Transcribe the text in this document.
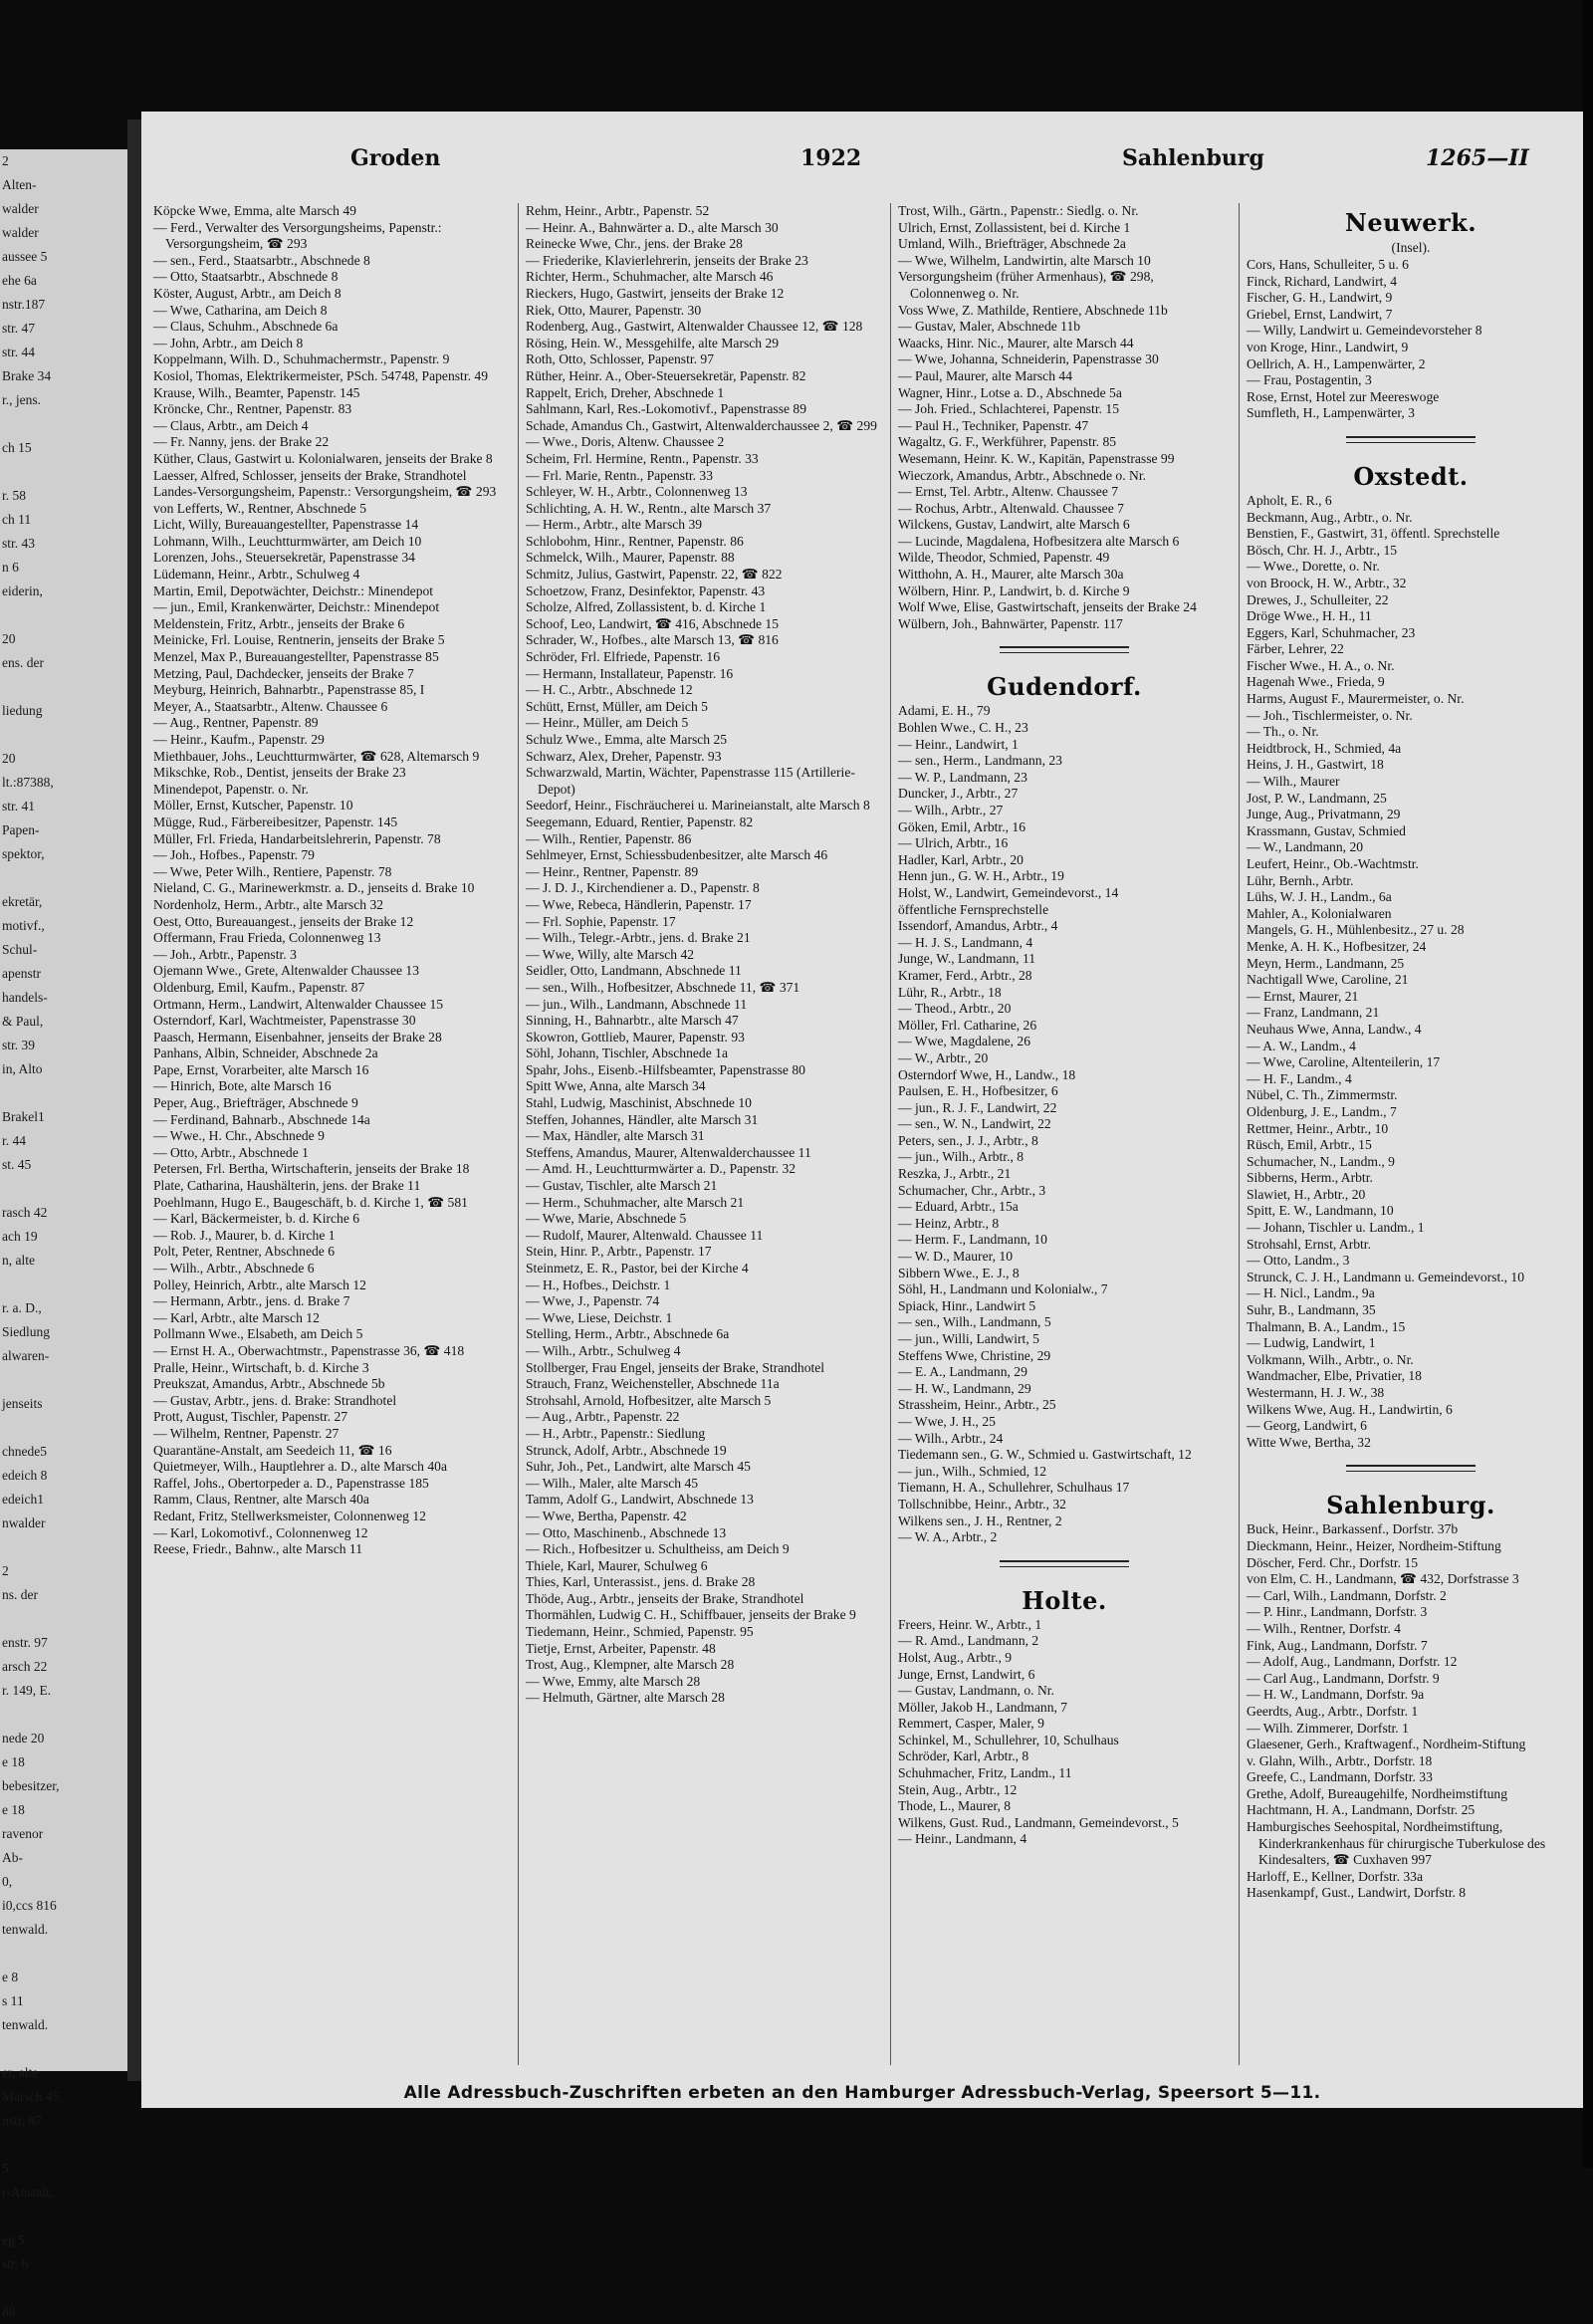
2
Alten-
walder
walder
aussee 5
ehe 6a
nstr.187
str. 47
str. 44
Brake 34
r., jens.

ch 15

r. 58
ch 11
str. 43
n 6
eiderin,

20
ens. der

liedung

20
lt.:87388,
str. 41
Papen-
spektor,

ekretär,
motivf.,
Schul-
apenstr
handels-
& Paul,
str. 39
in, Alto

Brakel1
r. 44
st. 45

rasch 42
ach 19
n, alte

r. a. D.,
Siedlung
alwaren-

jenseits

chnede5
edeich 8
edeich1
nwalder

2
ns. der

enstr. 97
arsch 22
r. 149, E.

nede 20
e 18
bebesitzer,
e 18
ravenor
Ab-
0,
i0,ccs 816
tenwald.

e 8
s 11
tenwald.

er, alte
Marsch 45
nstr. 87

5
r-Anstalt,

eg 5
str. 6

88
Groden	1922	Sahlenburg	1265—II
Köpcke Wwe, Emma, alte Marsch 49
— Ferd., Verwalter des Versorgungsheims, Papenstr.: Versorgungsheim, ☎ 293
— sen., Ferd., Staatsarbtr., Abschnede 8
— Otto, Staatsarbtr., Abschnede 8
Köster, August, Arbtr., am Deich 8
— Wwe, Catharina, am Deich 8
— Claus, Schuhm., Abschnede 6a
— John, Arbtr., am Deich 8
Koppelmann, Wilh. D., Schuhmachermstr., Papenstr. 9
Kosiol, Thomas, Elektrikermeister, PSch. 54748, Papenstr. 49
Krause, Wilh., Beamter, Papenstr. 145
Kröncke, Chr., Rentner, Papenstr. 83
— Claus, Arbtr., am Deich 4
— Fr. Nanny, jens. der Brake 22
Küther, Claus, Gastwirt u. Kolonialwaren, jenseits der Brake 8
Laesser, Alfred, Schlosser, jenseits der Brake, Strandhotel
Landes-Versorgungsheim, Papenstr.: Versorgungsheim, ☎ 293
von Lefferts, W., Rentner, Abschnede 5
Licht, Willy, Bureauangestellter, Papenstrasse 14
Lohmann, Wilh., Leuchtturmwärter, am Deich 10
Lorenzen, Johs., Steuersekretär, Papenstrasse 34
Lüdemann, Heinr., Arbtr., Schulweg 4
Martin, Emil, Depotwächter, Deichstr.: Minendepot
— jun., Emil, Krankenwärter, Deichstr.: Minendepot
Meldenstein, Fritz, Arbtr., jenseits der Brake 6
Meinicke, Frl. Louise, Rentnerin, jenseits der Brake 5
Menzel, Max P., Bureauangestellter, Papenstrasse 85
Metzing, Paul, Dachdecker, jenseits der Brake 7
Meyburg, Heinrich, Bahnarbtr., Papenstrasse 85, I
Meyer, A., Staatsarbtr., Altenw. Chaussee 6
— Aug., Rentner, Papenstr. 89
— Heinr., Kaufm., Papenstr. 29
Miethbauer, Johs., Leuchtturmwärter, ☎ 628, Altemarsch 9
Mikschke, Rob., Dentist, jenseits der Brake 23
Minendepot, Papenstr. o. Nr.
Möller, Ernst, Kutscher, Papenstr. 10
Mügge, Rud., Färbereibesitzer, Papenstr. 145
Müller, Frl. Frieda, Handarbeitslehrerin, Papenstr. 78
— Joh., Hofbes., Papenstr. 79
— Wwe, Peter Wilh., Rentiere, Papenstr. 78
Nieland, C. G., Marinewerkmstr. a. D., jenseits d. Brake 10
Nordenholz, Herm., Arbtr., alte Marsch 32
Oest, Otto, Bureauangest., jenseits der Brake 12
Offermann, Frau Frieda, Colonnenweg 13
— Joh., Arbtr., Papenstr. 3
Ojemann Wwe., Grete, Altenwalder Chaussee 13
Oldenburg, Emil, Kaufm., Papenstr. 87
Ortmann, Herm., Landwirt, Altenwalder Chaussee 15
Osterndorf, Karl, Wachtmeister, Papenstrasse 30
Paasch, Hermann, Eisenbahner, jenseits der Brake 28
Panhans, Albin, Schneider, Abschnede 2a
Pape, Ernst, Vorarbeiter, alte Marsch 16
— Hinrich, Bote, alte Marsch 16
Peper, Aug., Briefträger, Abschnede 9
— Ferdinand, Bahnarb., Abschnede 14a
— Wwe., H. Chr., Abschnede 9
— Otto, Arbtr., Abschnede 1
Petersen, Frl. Bertha, Wirtschafterin, jenseits der Brake 18
Plate, Catharina, Haushälterin, jens. der Brake 11
Poehlmann, Hugo E., Baugeschäft, b. d. Kirche 1, ☎ 581
— Karl, Bäckermeister, b. d. Kirche 6
— Rob. J., Maurer, b. d. Kirche 1
Polt, Peter, Rentner, Abschnede 6
— Wilh., Arbtr., Abschnede 6
Polley, Heinrich, Arbtr., alte Marsch 12
— Hermann, Arbtr., jens. d. Brake 7
— Karl, Arbtr., alte Marsch 12
Pollmann Wwe., Elsabeth, am Deich 5
— Ernst H. A., Oberwachtmstr., Papenstrasse 36, ☎ 418
Pralle, Heinr., Wirtschaft, b. d. Kirche 3
Preukszat, Amandus, Arbtr., Abschnede 5b
— Gustav, Arbtr., jens. d. Brake: Strandhotel
Prott, August, Tischler, Papenstr. 27
— Wilhelm, Rentner, Papenstr. 27
Quarantäne-Anstalt, am Seedeich 11, ☎ 16
Quietmeyer, Wilh., Hauptlehrer a. D., alte Marsch 40a
Raffel, Johs., Obertorpeder a. D., Papenstrasse 185
Ramm, Claus, Rentner, alte Marsch 40a
Redant, Fritz, Stellwerksmeister, Colonnenweg 12
— Karl, Lokomotivf., Colonnenweg 12
Reese, Friedr., Bahnw., alte Marsch 11
Rehm, Heinr., Arbtr., Papenstr. 52
— Heinr. A., Bahnwärter a. D., alte Marsch 30
Reinecke Wwe, Chr., jens. der Brake 28
— Friederike, Klavierlehrerin, jenseits der Brake 23
Richter, Herm., Schuhmacher, alte Marsch 46
Rieckers, Hugo, Gastwirt, jenseits der Brake 12
Riek, Otto, Maurer, Papenstr. 30
Rodenberg, Aug., Gastwirt, Altenwalder Chaussee 12, ☎ 128
Rösing, Hein. W., Messgehilfe, alte Marsch 29
Roth, Otto, Schlosser, Papenstr. 97
Rüther, Heinr. A., Ober-Steuersekretär, Papenstr. 82
Rappelt, Erich, Dreher, Abschnede 1
Sahlmann, Karl, Res.-Lokomotivf., Papenstrasse 89
Schade, Amandus Ch., Gastwirt, Altenwalderchaussee 2, ☎ 299
— Wwe., Doris, Altenw. Chaussee 2
Scheim, Frl. Hermine, Rentn., Papenstr. 33
— Frl. Marie, Rentn., Papenstr. 33
Schleyer, W. H., Arbtr., Colonnenweg 13
Schlichting, A. H. W., Rentn., alte Marsch 37
— Herm., Arbtr., alte Marsch 39
Schlobohm, Hinr., Rentner, Papenstr. 86
Schmelck, Wilh., Maurer, Papenstr. 88
Schmitz, Julius, Gastwirt, Papenstr. 22, ☎ 822
Schoetzow, Franz, Desinfektor, Papenstr. 43
Scholze, Alfred, Zollassistent, b. d. Kirche 1
Schoof, Leo, Landwirt, ☎ 416, Abschnede 15
Schrader, W., Hofbes., alte Marsch 13, ☎ 816
Schröder, Frl. Elfriede, Papenstr. 16
— Hermann, Installateur, Papenstr. 16
— H. C., Arbtr., Abschnede 12
Schütt, Ernst, Müller, am Deich 5
— Heinr., Müller, am Deich 5
Schulz Wwe., Emma, alte Marsch 25
Schwarz, Alex, Dreher, Papenstr. 93
Schwarzwald, Martin, Wächter, Papenstrasse 115 (Artillerie-Depot)
Seedorf, Heinr., Fischräucherei u. Marineianstalt, alte Marsch 8
Seegemann, Eduard, Rentier, Papenstr. 82
— Wilh., Rentier, Papenstr. 86
Sehlmeyer, Ernst, Schiessbudenbesitzer, alte Marsch 46
— Heinr., Rentner, Papenstr. 89
— J. D. J., Kirchendiener a. D., Papenstr. 8
— Wwe, Rebeca, Händlerin, Papenstr. 17
— Frl. Sophie, Papenstr. 17
— Wilh., Telegr.-Arbtr., jens. d. Brake 21
— Wwe, Willy, alte Marsch 42
Seidler, Otto, Landmann, Abschnede 11
— sen., Wilh., Hofbesitzer, Abschnede 11, ☎ 371
— jun., Wilh., Landmann, Abschnede 11
Sinning, H., Bahnarbtr., alte Marsch 47
Skowron, Gottlieb, Maurer, Papenstr. 93
Söhl, Johann, Tischler, Abschnede 1a
Spahr, Johs., Eisenb.-Hilfsbeamter, Papenstrasse 80
Spitt Wwe, Anna, alte Marsch 34
Stahl, Ludwig, Maschinist, Abschnede 10
Steffen, Johannes, Händler, alte Marsch 31
— Max, Händler, alte Marsch 31
Steffens, Amandus, Maurer, Altenwalderchaussee 11
— Amd. H., Leuchtturmwärter a. D., Papenstr. 32
— Gustav, Tischler, alte Marsch 21
— Herm., Schuhmacher, alte Marsch 21
— Wwe, Marie, Abschnede 5
— Rudolf, Maurer, Altenwald. Chaussee 11
Stein, Hinr. P., Arbtr., Papenstr. 17
Steinmetz, E. R., Pastor, bei der Kirche 4
— H., Hofbes., Deichstr. 1
— Wwe, J., Papenstr. 74
— Wwe, Liese, Deichstr. 1
Stelling, Herm., Arbtr., Abschnede 6a
— Wilh., Arbtr., Schulweg 4
Stollberger, Frau Engel, jenseits der Brake, Strandhotel
Strauch, Franz, Weichensteller, Abschnede 11a
Strohsahl, Arnold, Hofbesitzer, alte Marsch 5
— Aug., Arbtr., Papenstr. 22
— H., Arbtr., Papenstr.: Siedlung
Strunck, Adolf, Arbtr., Abschnede 19
Suhr, Joh., Pet., Landwirt, alte Marsch 45
— Wilh., Maler, alte Marsch 45
Tamm, Adolf G., Landwirt, Abschnede 13
— Wwe, Bertha, Papenstr. 42
— Otto, Maschinenb., Abschnede 13
— Rich., Hofbesitzer u. Schultheiss, am Deich 9
Thiele, Karl, Maurer, Schulweg 6
Thies, Karl, Unterassist., jens. d. Brake 28
Thöde, Aug., Arbtr., jenseits der Brake, Strandhotel
Thormählen, Ludwig C. H., Schiffbauer, jenseits der Brake 9
Tiedemann, Heinr., Schmied, Papenstr. 95
Tietje, Ernst, Arbeiter, Papenstr. 48
Trost, Aug., Klempner, alte Marsch 28
— Wwe, Emmy, alte Marsch 28
— Helmuth, Gärtner, alte Marsch 28
Trost, Wilh., Gärtn., Papenstr.: Siedlg. o. Nr.
Ulrich, Ernst, Zollassistent, bei d. Kirche 1
Umland, Wilh., Briefträger, Abschnede 2a
— Wwe, Wilhelm, Landwirtin, alte Marsch 10
Versorgungsheim (früher Armenhaus), ☎ 298, Colonnenweg o. Nr.
Voss Wwe, Z. Mathilde, Rentiere, Abschnede 11b
— Gustav, Maler, Abschnede 11b
Waacks, Hinr. Nic., Maurer, alte Marsch 44
— Wwe, Johanna, Schneiderin, Papenstrasse 30
— Paul, Maurer, alte Marsch 44
Wagner, Hinr., Lotse a. D., Abschnede 5a
— Joh. Fried., Schlachterei, Papenstr. 15
— Paul H., Techniker, Papenstr. 47
Wagaltz, G. F., Werkführer, Papenstr. 85
Wesemann, Heinr. K. W., Kapitän, Papenstrasse 99
Wieczork, Amandus, Arbtr., Abschnede o. Nr.
— Ernst, Tel. Arbtr., Altenw. Chaussee 7
— Rochus, Arbtr., Altenwald. Chaussee 7
Wilckens, Gustav, Landwirt, alte Marsch 6
— Lucinde, Magdalena, Hofbesitzera alte Marsch 6
Wilde, Theodor, Schmied, Papenstr. 49
Witthohn, A. H., Maurer, alte Marsch 30a
Wölbern, Hinr. P., Landwirt, b. d. Kirche 9
Wolf Wwe, Elise, Gastwirtschaft, jenseits der Brake 24
Wülbern, Joh., Bahnwärter, Papenstr. 117
Gudendorf.
Adami, E. H., 79
Bohlen Wwe., C. H., 23
— Heinr., Landwirt, 1
— sen., Herm., Landmann, 23
— W. P., Landmann, 23
Duncker, J., Arbtr., 27
— Wilh., Arbtr., 27
Göken, Emil, Arbtr., 16
— Ulrich, Arbtr., 16
Hadler, Karl, Arbtr., 20
Henn jun., G. W. H., Arbtr., 19
Holst, W., Landwirt, Gemeindevorst., 14
öffentliche Fernsprechstelle
Issendorf, Amandus, Arbtr., 4
— H. J. S., Landmann, 4
Junge, W., Landmann, 11
Kramer, Ferd., Arbtr., 28
Lühr, R., Arbtr., 18
— Theod., Arbtr., 20
Möller, Frl. Catharine, 26
— Wwe, Magdalene, 26
— W., Arbtr., 20
Osterndorf Wwe, H., Landw., 18
Paulsen, E. H., Hofbesitzer, 6
— jun., R. J. F., Landwirt, 22
— sen., W. N., Landwirt, 22
Peters, sen., J. J., Arbtr., 8
— jun., Wilh., Arbtr., 8
Reszka, J., Arbtr., 21
Schumacher, Chr., Arbtr., 3
— Eduard, Arbtr., 15a
— Heinz, Arbtr., 8
— Herm. F., Landmann, 10
— W. D., Maurer, 10
Sibbern Wwe., E. J., 8
Söhl, H., Landmann und Kolonialw., 7
Spiack, Hinr., Landwirt 5
— sen., Wilh., Landmann, 5
— jun., Willi, Landwirt, 5
Steffens Wwe, Christine, 29
— E. A., Landmann, 29
— H. W., Landmann, 29
Strassheim, Heinr., Arbtr., 25
— Wwe, J. H., 25
— Wilh., Arbtr., 24
Tiedemann sen., G. W., Schmied u. Gastwirtschaft, 12
— jun., Wilh., Schmied, 12
Tiemann, H. A., Schullehrer, Schulhaus 17
Tollschnibbe, Heinr., Arbtr., 32
Wilkens sen., J. H., Rentner, 2
— W. A., Arbtr., 2
Holte.
Freers, Heinr. W., Arbtr., 1
— R. Amd., Landmann, 2
Holst, Aug., Arbtr., 9
Junge, Ernst, Landwirt, 6
— Gustav, Landmann, o. Nr.
Möller, Jakob H., Landmann, 7
Remmert, Casper, Maler, 9
Schinkel, M., Schullehrer, 10, Schulhaus
Schröder, Karl, Arbtr., 8
Schuhmacher, Fritz, Landm., 11
Stein, Aug., Arbtr., 12
Thode, L., Maurer, 8
Wilkens, Gust. Rud., Landmann, Gemeindevorst., 5
— Heinr., Landmann, 4
Neuwerk.
(Insel).
Cors, Hans, Schulleiter, 5 u. 6
Finck, Richard, Landwirt, 4
Fischer, G. H., Landwirt, 9
Griebel, Ernst, Landwirt, 7
— Willy, Landwirt u. Gemeindevorsteher 8
von Kroge, Hinr., Landwirt, 9
Oellrich, A. H., Lampenwärter, 2
— Frau, Postagentin, 3
Rose, Ernst, Hotel zur Meereswoge
Sumfleth, H., Lampenwärter, 3
Oxstedt.
Apholt, E. R., 6
Beckmann, Aug., Arbtr., o. Nr.
Benstien, F., Gastwirt, 31, öffentl. Sprechstelle
Bösch, Chr. H. J., Arbtr., 15
— Wwe., Dorette, o. Nr.
von Broock, H. W., Arbtr., 32
Drewes, J., Schulleiter, 22
Dröge Wwe., H. H., 11
Eggers, Karl, Schuhmacher, 23
Färber, Lehrer, 22
Fischer Wwe., H. A., o. Nr.
Hagenah Wwe., Frieda, 9
Harms, August F., Maurermeister, o. Nr.
— Joh., Tischlermeister, o. Nr.
— Th., o. Nr.
Heidtbrock, H., Schmied, 4a
Heins, J. H., Gastwirt, 18
— Wilh., Maurer
Jost, P. W., Landmann, 25
Junge, Aug., Privatmann, 29
Krassmann, Gustav, Schmied
— W., Landmann, 20
Leufert, Heinr., Ob.-Wachtmstr.
Lühr, Bernh., Arbtr.
Lühs, W. J. H., Landm., 6a
Mahler, A., Kolonialwaren
Mangels, G. H., Mühlenbesitz., 27 u. 28
Menke, A. H. K., Hofbesitzer, 24
Meyn, Herm., Landmann, 25
Nachtigall Wwe, Caroline, 21
— Ernst, Maurer, 21
— Franz, Landmann, 21
Neuhaus Wwe, Anna, Landw., 4
— A. W., Landm., 4
— Wwe, Caroline, Altenteilerin, 17
— H. F., Landm., 4
Nübel, C. Th., Zimmermstr.
Oldenburg, J. E., Landm., 7
Rettmer, Heinr., Arbtr., 10
Rüsch, Emil, Arbtr., 15
Schumacher, N., Landm., 9
Sibberns, Herm., Arbtr.
Slawiet, H., Arbtr., 20
Spitt, E. W., Landmann, 10
— Johann, Tischler u. Landm., 1
Strohsahl, Ernst, Arbtr.
— Otto, Landm., 3
Strunck, C. J. H., Landmann u. Gemeindevorst., 10
— H. Nicl., Landm., 9a
Suhr, B., Landmann, 35
Thalmann, B. A., Landm., 15
— Ludwig, Landwirt, 1
Volkmann, Wilh., Arbtr., o. Nr.
Wandmacher, Elbe, Privatier, 18
Westermann, H. J. W., 38
Wilkens Wwe, Aug. H., Landwirtin, 6
— Georg, Landwirt, 6
Witte Wwe, Bertha, 32
Sahlenburg.
Buck, Heinr., Barkassenf., Dorfstr. 37b
Dieckmann, Heinr., Heizer, Nordheim-Stiftung
Döscher, Ferd. Chr., Dorfstr. 15
von Elm, C. H., Landmann, ☎ 432, Dorfstrasse 3
— Carl, Wilh., Landmann, Dorfstr. 2
— P. Hinr., Landmann, Dorfstr. 3
— Wilh., Rentner, Dorfstr. 4
Fink, Aug., Landmann, Dorfstr. 7
— Adolf, Aug., Landmann, Dorfstr. 12
— Carl Aug., Landmann, Dorfstr. 9
— H. W., Landmann, Dorfstr. 9a
Geerdts, Aug., Arbtr., Dorfstr. 1
— Wilh. Zimmerer, Dorfstr. 1
Glaesener, Gerh., Kraftwagenf., Nordheim-Stiftung
v. Glahn, Wilh., Arbtr., Dorfstr. 18
Greefe, C., Landmann, Dorfstr. 33
Grethe, Adolf, Bureaugehilfe, Nordheimstiftung
Hachtmann, H. A., Landmann, Dorfstr. 25
Hamburgisches Seehospital, Nordheimstiftung, Kinderkrankenhaus für chirurgische Tuberkulose des Kindesalters, ☎ Cuxhaven 997
Harloff, E., Kellner, Dorfstr. 33a
Hasenkampf, Gust., Landwirt, Dorfstr. 8
Alle Adressbuch-Zuschriften erbeten an den Hamburger Adressbuch-Verlag, Speersort 5—11.
